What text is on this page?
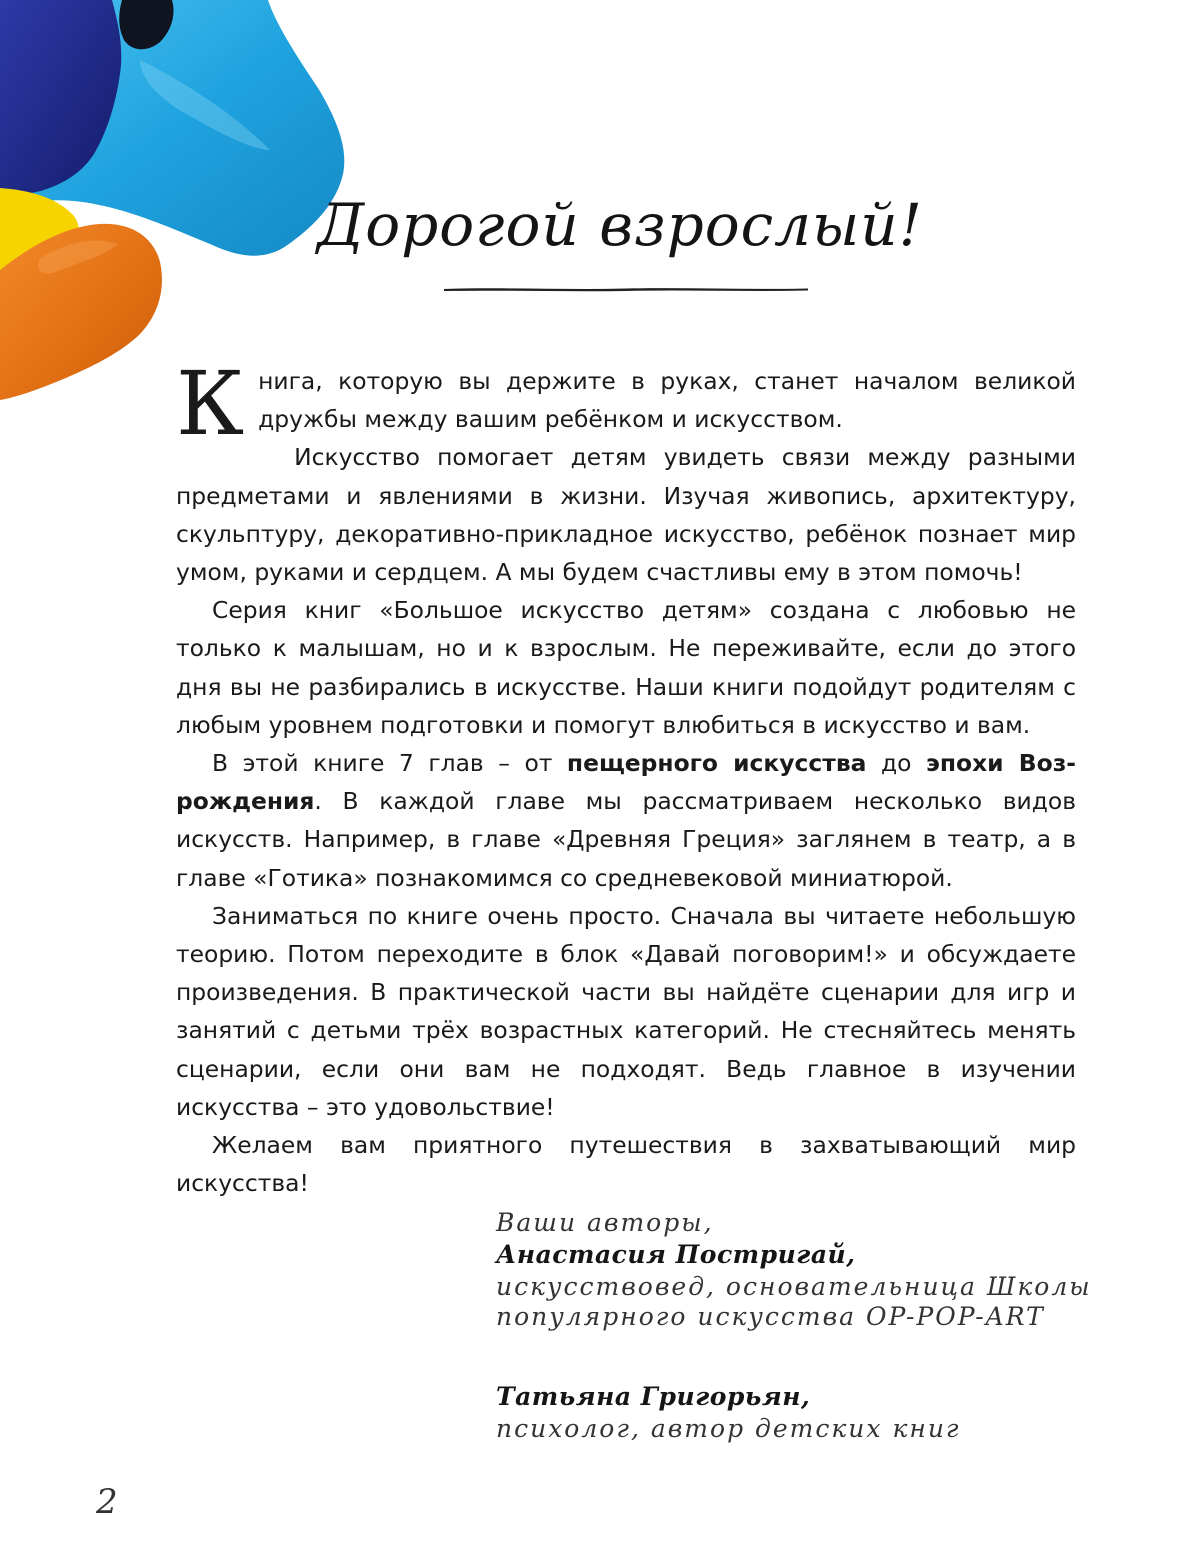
Дорогой взрослый!

Книга, которую вы держите в руках, станет началом великой дружбы между вашим ребёнком и искусством.

Искусство помогает детям увидеть связи между разными предметами и явлениями в жизни. Изучая живопись, архитектуру, скульптуру, декоративно-прикладное искусство, ребёнок познает мир умом, руками и сердцем. А мы будем счастливы ему в этом помочь!

Серия книг «Большое искусство детям» создана с любовью не только к малышам, но и к взрослым. Не переживайте, если до этого дня вы не разбирались в искусстве. Наши книги подойдут родителям с любым уровнем подготовки и помогут влюбиться в искусство и вам.

В этой книге 7 глав – от пещерного искусства до эпохи Возрождения. В каждой главе мы рассматриваем несколько видов искусств. Например, в главе «Древняя Греция» заглянем в театр, а в главе «Готика» познакомимся со средневековой миниатюрой.

Заниматься по книге очень просто. Сначала вы читаете небольшую теорию. Потом переходите в блок «Давай поговорим!» и обсуждаете произведения. В практической части вы найдёте сценарии для игр и занятий с детьми трёх возрастных категорий. Не стесняйтесь менять сценарии, если они вам не подходят. Ведь главное в изучении искусства – это удовольствие!

Желаем вам приятного путешествия в захватывающий мир искусства!

Ваши авторы,
Анастасия Постригай,
искусствовед, основательница Школы
популярного искусства OP-POP-ART
Татьяна Григорьян,
психолог, автор детских книг
2
